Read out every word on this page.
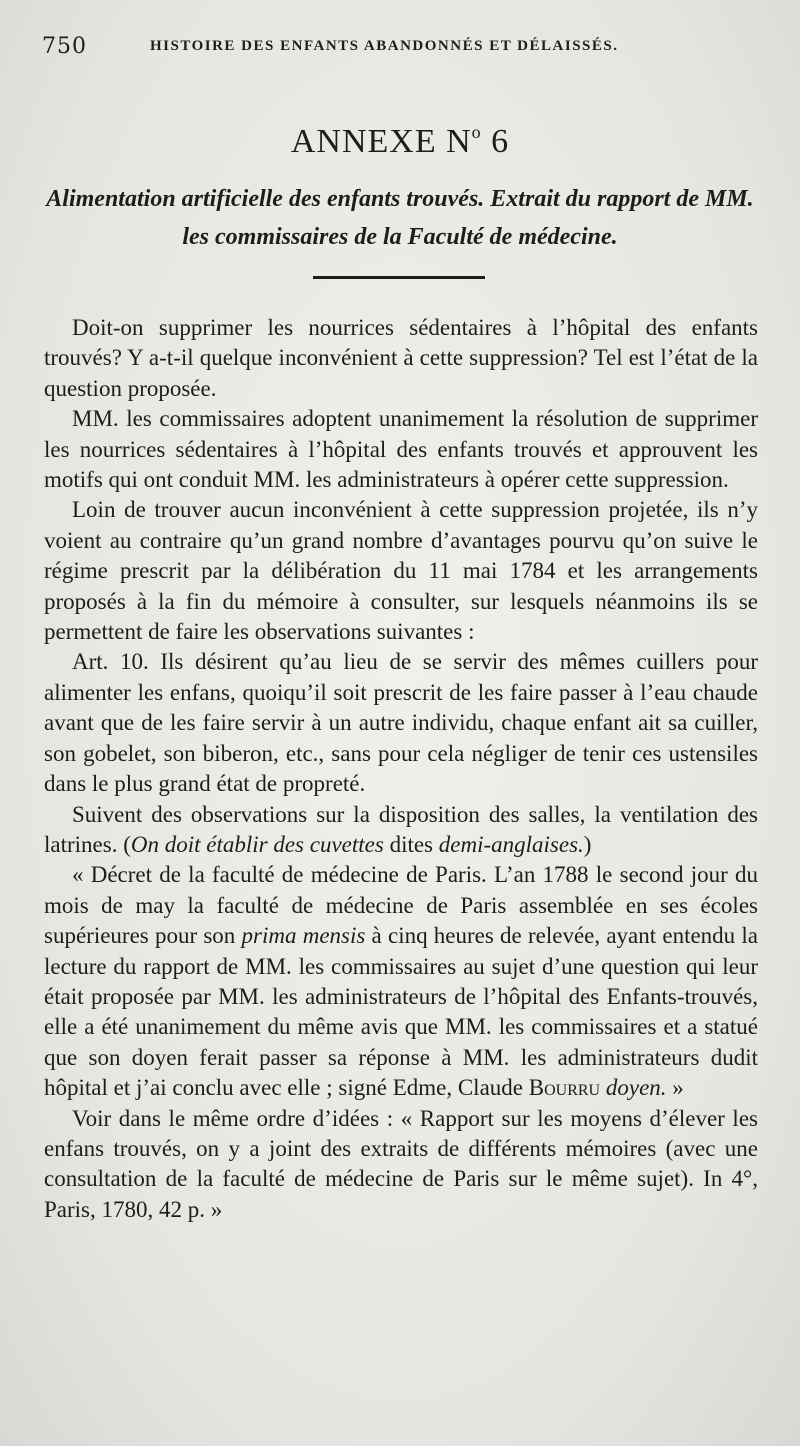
750	HISTOIRE DES ENFANTS ABANDONNÉS ET DÉLAISSÉS.
ANNEXE $N^o$ 6
Alimentation artificielle des enfants trouvés. Extrait du rapport de MM. les commissaires de la Faculté de médecine.

Doit-on supprimer les nourrices sédentaires à l’hôpital des enfants trouvés? Y a-t-il quelque inconvénient à cette suppression? Tel est l’état de la question proposée.

MM. les commissaires adoptent unanimement la résolution de supprimer les nourrices sédentaires à l’hôpital des enfants trouvés et approuvent les motifs qui ont conduit MM. les administrateurs à opérer cette suppression.

Loin de trouver aucun inconvénient à cette suppression projetée, ils n’y voient au contraire qu’un grand nombre d’avantages pourvu qu’on suive le régime prescrit par la délibération du 11 mai 1784 et les arrangements proposés à la fin du mémoire à consulter, sur lesquels néanmoins ils se permettent de faire les observations suivantes :

Art. 10. Ils désirent qu’au lieu de se servir des mêmes cuillers pour alimenter les enfans, quoiqu’il soit prescrit de les faire passer à l’eau chaude avant que de les faire servir à un autre individu, chaque enfant ait sa cuiller, son gobelet, son biberon, etc., sans pour cela négliger de tenir ces ustensiles dans le plus grand état de propreté.

Suivent des observations sur la disposition des salles, la ventilation des latrines. (On doit établir des cuvettes dites demi-anglaises.)

« Décret de la faculté de médecine de Paris. L’an 1788 le second jour du mois de may la faculté de médecine de Paris assemblée en ses écoles supérieures pour son prima mensis à cinq heures de relevée, ayant entendu la lecture du rapport de MM. les commissaires au sujet d’une question qui leur était proposée par MM. les administrateurs de l’hôpital des Enfants-trouvés, elle a été unanimement du même avis que MM. les commissaires et a statué que son doyen ferait passer sa réponse à MM. les administrateurs dudit hôpital et j’ai conclu avec elle ; signé Edme, Claude Bourru doyen. »

Voir dans le même ordre d’idées : « Rapport sur les moyens d’élever les enfans trouvés, on y a joint des extraits de différents mémoires (avec une consultation de la faculté de médecine de Paris sur le même sujet). In 4°, Paris, 1780, 42 p. »
